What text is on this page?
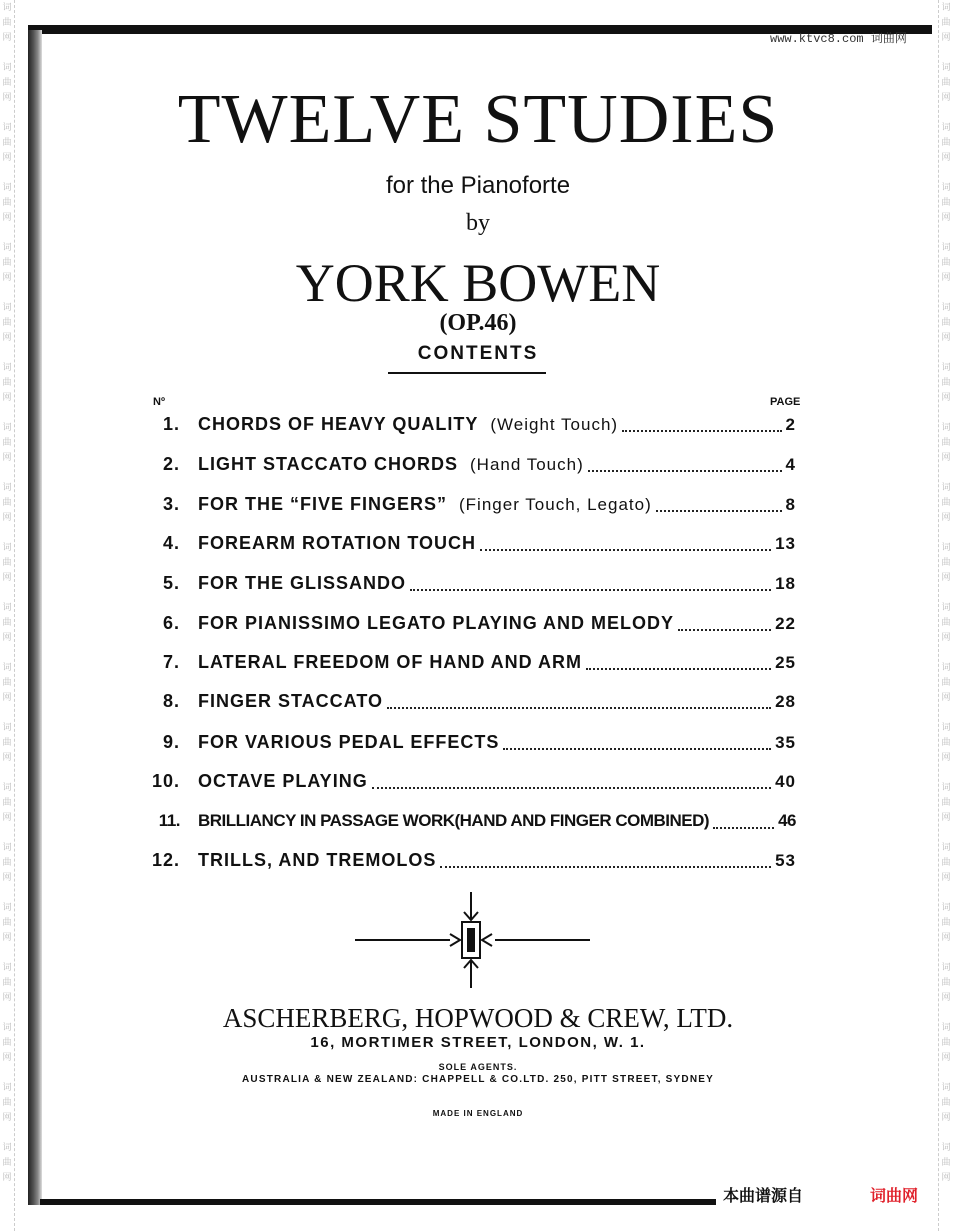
词
曲
网

词
曲
网

词
曲
网

词
曲
网

词
曲
网

词
曲
网

词
曲
网

词
曲
网

词
曲
网

词
曲
网

词
曲
网

词
曲
网

词
曲
网

词
曲
网

词
曲
网

词
曲
网

词
曲
网

词
曲
网

词
曲
网

词
曲
网

词
曲
网

词
曲
网

词
曲
网

词
曲
网

词
曲
网

词
曲
网

词
曲
网

词
曲
网

词
曲
网

词
曲
网

词
曲
网

词
曲
网

词
曲
网

词
曲
网

词
曲
网

词
曲
网

词
曲
网

词
曲
网

词
曲
网

词
曲
网

www.ktvc8.com 词曲网
TWELVE STUDIES
for the Pianoforte
by
YORK BOWEN
(OP.46)
CONTENTS
Nº	PAGE
1. CHORDS OF HEAVY QUALITY (Weight Touch)	2
2. LIGHT STACCATO CHORDS (Hand Touch)	4
3. FOR THE “FIVE FINGERS” (Finger Touch, Legato)	8
4. FOREARM ROTATION TOUCH	13
5. FOR THE GLISSANDO	18
6. FOR PIANISSIMO LEGATO PLAYING AND MELODY	22
7. LATERAL FREEDOM OF HAND AND ARM	25
8. FINGER STACCATO	28
9. FOR VARIOUS PEDAL EFFECTS	35
10. OCTAVE PLAYING	40
11. BRILLIANCY IN PASSAGE WORK(HAND AND FINGER COMBINED)	46
12. TRILLS, AND TREMOLOS	53
ASCHERBERG, HOPWOOD & CREW, LTD.
16, MORTIMER STREET, LONDON, W. 1.
SOLE AGENTS.
AUSTRALIA & NEW ZEALAND: CHAPPELL & CO.LTD. 250, PITT STREET, SYDNEY
MADE IN ENGLAND
本曲谱源自	词曲网
